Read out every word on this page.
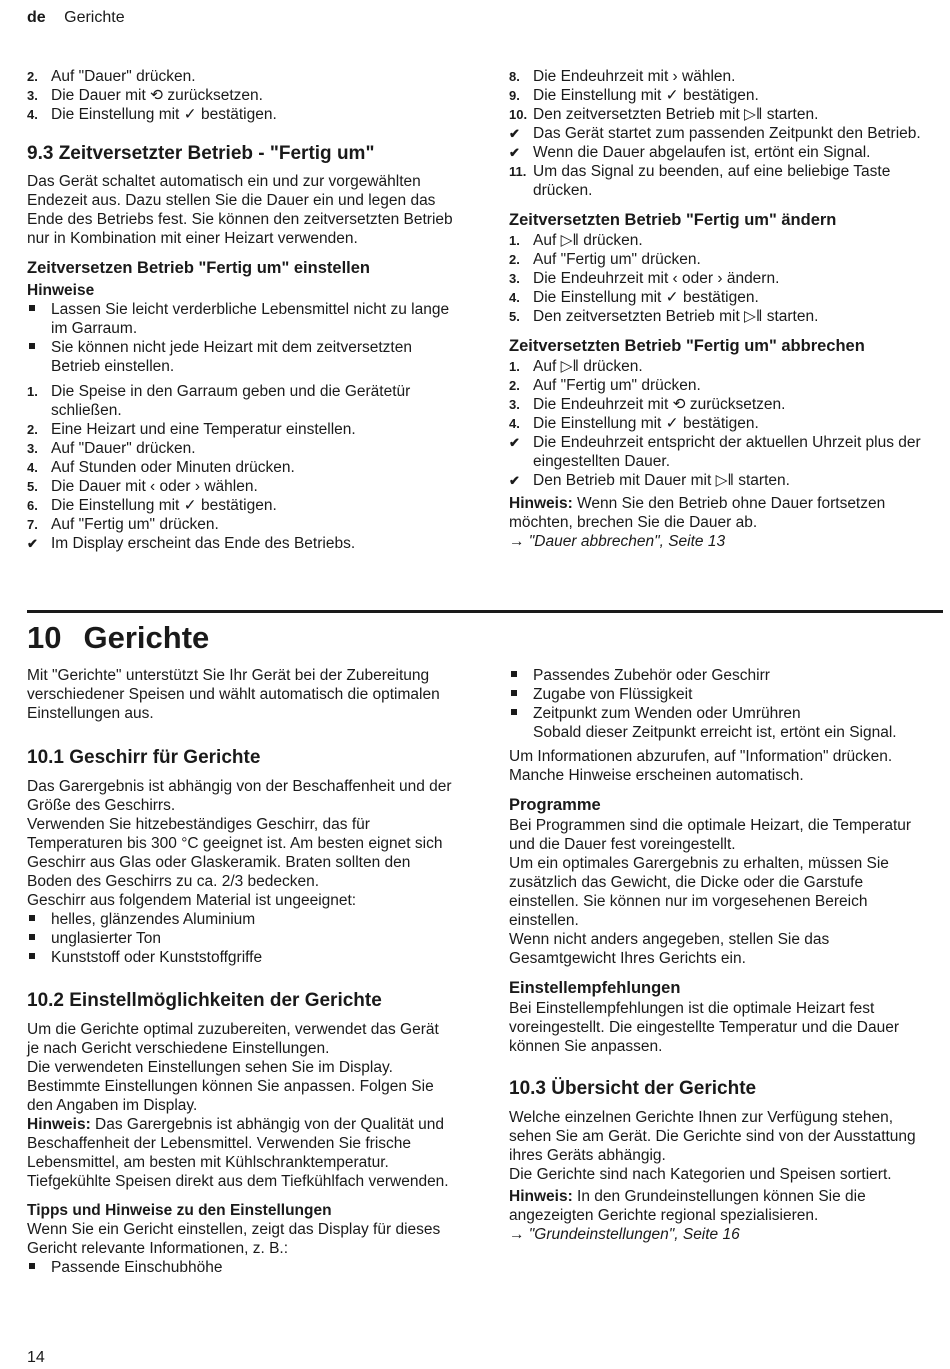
de Gerichte
2. Auf "Dauer" drücken.
3. Die Dauer mit ⟲ zurücksetzen.
4. Die Einstellung mit ✓ bestätigen.
9.3 Zeitversetzter Betrieb - "Fertig um"

Das Gerät schaltet automatisch ein und zur vorgewählten Endezeit aus. Dazu stellen Sie die Dauer ein und legen das Ende des Betriebs fest. Sie können den zeitversetzten Betrieb nur in Kombination mit einer Heizart verwenden.

Zeitversetzen Betrieb "Fertig um" einstellen
Hinweise
Lassen Sie leicht verderbliche Lebensmittel nicht zu lange im Garraum.
Sie können nicht jede Heizart mit dem zeitversetzten Betrieb einstellen.
1. Die Speise in den Garraum geben und die Gerätetür schließen.
2. Eine Heizart und eine Temperatur einstellen.
3. Auf "Dauer" drücken.
4. Auf Stunden oder Minuten drücken.
5. Die Dauer mit ‹ oder › wählen.
6. Die Einstellung mit ✓ bestätigen.
7. Auf "Fertig um" drücken.
✔ Im Display erscheint das Ende des Betriebs.
8. Die Endeuhrzeit mit › wählen.
9. Die Einstellung mit ✓ bestätigen.
10. Den zeitversetzten Betrieb mit ▷ǁ starten.
✔ Das Gerät startet zum passenden Zeitpunkt den Betrieb.
✔ Wenn die Dauer abgelaufen ist, ertönt ein Signal.
11. Um das Signal zu beenden, auf eine beliebige Taste drücken.
Zeitversetzten Betrieb "Fertig um" ändern
1. Auf ▷ǁ drücken.
2. Auf "Fertig um" drücken.
3. Die Endeuhrzeit mit ‹ oder › ändern.
4. Die Einstellung mit ✓ bestätigen.
5. Den zeitversetzten Betrieb mit ▷ǁ starten.
Zeitversetzten Betrieb "Fertig um" abbrechen
1. Auf ▷ǁ drücken.
2. Auf "Fertig um" drücken.
3. Die Endeuhrzeit mit ⟲ zurücksetzen.
4. Die Einstellung mit ✓ bestätigen.
✔ Die Endeuhrzeit entspricht der aktuellen Uhrzeit plus der eingestellten Dauer.
✔ Den Betrieb mit Dauer mit ▷ǁ starten.

Hinweis: Wenn Sie den Betrieb ohne Dauer fortsetzen möchten, brechen Sie die Dauer ab.

→ "Dauer abbrechen", Seite 13

10 Gerichte

Mit "Gerichte" unterstützt Sie Ihr Gerät bei der Zubereitung verschiedener Speisen und wählt automatisch die optimalen Einstellungen aus.

10.1 Geschirr für Gerichte

Das Garergebnis ist abhängig von der Beschaffenheit und der Größe des Geschirrs.

Verwenden Sie hitzebeständiges Geschirr, das für Temperaturen bis 300 °C geeignet ist. Am besten eignet sich Geschirr aus Glas oder Glaskeramik. Braten sollten den Boden des Geschirrs zu ca. 2/3 bedecken.

Geschirr aus folgendem Material ist ungeeignet:

helles, glänzendes Aluminium
unglasierter Ton
Kunststoff oder Kunststoffgriffe
10.2 Einstellmöglichkeiten der Gerichte

Um die Gerichte optimal zuzubereiten, verwendet das Gerät je nach Gericht verschiedene Einstellungen.

Die verwendeten Einstellungen sehen Sie im Display. Bestimmte Einstellungen können Sie anpassen. Folgen Sie den Angaben im Display.

Hinweis: Das Garergebnis ist abhängig von der Qualität und Beschaffenheit der Lebensmittel. Verwenden Sie frische Lebensmittel, am besten mit Kühlschranktemperatur. Tiefgekühlte Speisen direkt aus dem Tiefkühlfach verwenden.

Tipps und Hinweise zu den Einstellungen

Wenn Sie ein Gericht einstellen, zeigt das Display für dieses Gericht relevante Informationen, z. B.:

Passende Einschubhöhe
Passendes Zubehör oder Geschirr
Zugabe von Flüssigkeit
Zeitpunkt zum Wenden oder Umrühren
Sobald dieser Zeitpunkt erreicht ist, ertönt ein Signal.

Um Informationen abzurufen, auf "Information" drücken. Manche Hinweise erscheinen automatisch.

Programme

Bei Programmen sind die optimale Heizart, die Temperatur und die Dauer fest voreingestellt.

Um ein optimales Garergebnis zu erhalten, müssen Sie zusätzlich das Gewicht, die Dicke oder die Garstufe einstellen. Sie können nur im vorgesehenen Bereich einstellen.

Wenn nicht anders angegeben, stellen Sie das Gesamtgewicht Ihres Gerichts ein.

Einstellempfehlungen

Bei Einstellempfehlungen ist die optimale Heizart fest voreingestellt. Die eingestellte Temperatur und die Dauer können Sie anpassen.

10.3 Übersicht der Gerichte

Welche einzelnen Gerichte Ihnen zur Verfügung stehen, sehen Sie am Gerät. Die Gerichte sind von der Ausstattung ihres Geräts abhängig.

Die Gerichte sind nach Kategorien und Speisen sortiert.

Hinweis: In den Grundeinstellungen können Sie die angezeigten Gerichte regional spezialisieren.

→ "Grundeinstellungen", Seite 16

14
